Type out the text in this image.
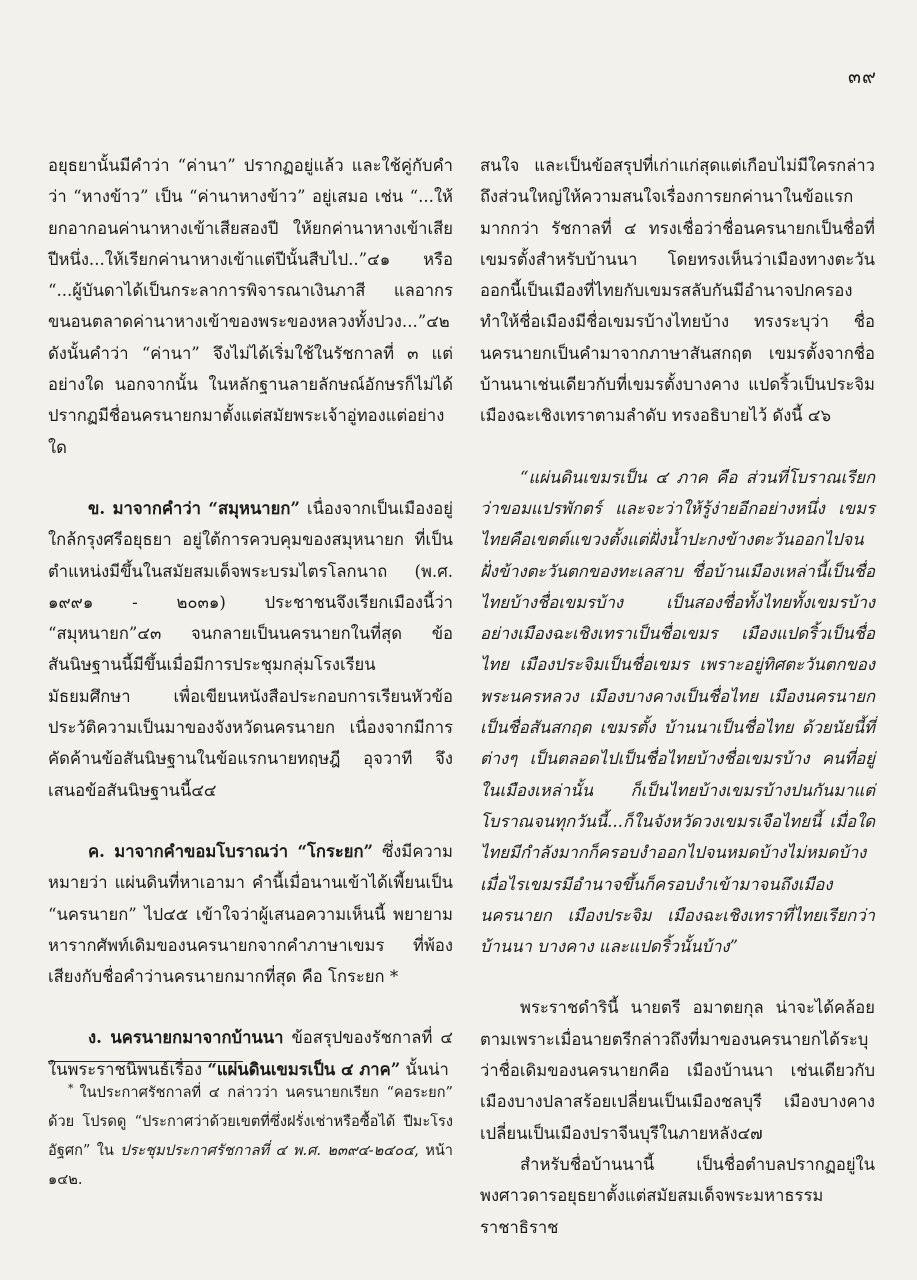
๓๙

อยุธยานั้นมีคำว่า “ค่านา” ปรากฏอยู่แล้ว และใช้คู่กับคำว่า “หางข้าว” เป็น “ค่านาหางข้าว” อยู่เสมอ เช่น “...ให้ยกอากอนค่านาหางเข้าเสียสองปี ให้ยกค่านาหางเข้าเสียปีหนึ่ง...ให้เรียกค่านาหางเข้าแต่ปีนั้นสืบไป..”๔๑ หรือ “...ผู้บันดาได้เป็นกระลาการพิจารณาเงินภาสี แลอากรขนอนตลาดค่านาหางเข้าของพระของหลวงทั้งปวง...”๔๒ ดังนั้นคำว่า “ค่านา” จึงไม่ได้เริ่มใช้ในรัชกาลที่ ๓ แต่อย่างใด นอกจากนั้น ในหลักฐานลายลักษณ์อักษรก็ไม่ได้ปรากฏมีชื่อนครนายกมาตั้งแต่สมัยพระเจ้าอู่ทองแต่อย่างใด

ข. มาจากคำว่า “สมุหนายก” เนื่องจากเป็นเมืองอยู่ใกล้กรุงศรีอยุธยา อยู่ใต้การควบคุมของสมุหนายก ที่เป็นตำแหน่งมีขึ้นในสมัยสมเด็จพระบรมไตรโลกนาถ (พ.ศ. ๑๙๙๑ - ๒๐๓๑) ประชาชนจึงเรียกเมืองนี้ว่า “สมุหนายก”๔๓ จนกลายเป็นนครนายกในที่สุด ข้อสันนิษฐานนี้มีขึ้นเมื่อมีการประชุมกลุ่มโรงเรียนมัธยมศึกษา เพื่อเขียนหนังสือประกอบการเรียนหัวข้อประวัติความเป็นมาของจังหวัดนครนายก เนื่องจากมีการคัดค้านข้อสันนิษฐานในข้อแรกนายทฤษฎี อุจวาที จึงเสนอข้อสันนิษฐานนี้๔๔

ค. มาจากคำขอมโบราณว่า “โกระยก” ซึ่งมีความหมายว่า แผ่นดินที่หาเอามา คำนี้เมื่อนานเข้าได้เพี้ยนเป็น “นครนายก” ไป๔๕ เข้าใจว่าผู้เสนอความเห็นนี้ พยายามหารากศัพท์เดิมของนครนายกจากคำภาษาเขมร ที่พ้องเสียงกับชื่อคำว่านครนายกมากที่สุด คือ โกระยก *

ง. นครนายกมาจากบ้านนา ข้อสรุปของรัชกาลที่ ๔ ในพระราชนิพนธ์เรื่อง “แผ่นดินเขมรเป็น ๔ ภาค” นั้นน่า

* ในประกาศรัชกาลที่ ๔ กล่าวว่า นครนายกเรียก “คอระยก” ด้วย โปรดดู “ประกาศว่าด้วยเขตที่ซึ่งฝรั่งเช่าหรือซื้อได้ ปีมะโรงอัฐศก” ใน ประชุมประกาศรัชกาลที่ ๔ พ.ศ. ๒๓๙๔-๒๔๐๔, หน้า ๑๔๒.

สนใจ และเป็นข้อสรุปที่เก่าแก่สุดแต่เกือบไม่มีใครกล่าวถึงส่วนใหญ่ให้ความสนใจเรื่องการยกค่านาในข้อแรกมากกว่า รัชกาลที่ ๔ ทรงเชื่อว่าชื่อนครนายกเป็นชื่อที่เขมรตั้งสำหรับบ้านนา โดยทรงเห็นว่าเมืองทางตะวันออกนี้เป็นเมืองที่ไทยกับเขมรสลับกันมีอำนาจปกครอง ทำให้ชื่อเมืองมีชื่อเขมรบ้างไทยบ้าง ทรงระบุว่า ชื่อนครนายกเป็นคำมาจากภาษาสันสกฤต เขมรตั้งจากชื่อบ้านนาเช่นเดียวกับที่เขมรตั้งบางคาง แปดริ้วเป็นประจิม เมืองฉะเชิงเทราตามลำดับ ทรงอธิบายไว้ ดังนี้ ๔๖

“แผ่นดินเขมรเป็น ๔ ภาค คือ ส่วนที่โบราณเรียกว่าขอมแปรพักตร์ และจะว่าให้รู้ง่ายอีกอย่างหนึ่ง เขมรไทยคือเขตต์แขวงตั้งแต่ฝั่งน้ำปะกงข้างตะวันออกไปจนฝั่งข้างตะวันตกของทะเลสาบ ชื่อบ้านเมืองเหล่านี้เป็นชื่อไทยบ้างชื่อเขมรบ้าง เป็นสองชื่อทั้งไทยทั้งเขมรบ้าง อย่างเมืองฉะเชิงเทราเป็นชื่อเขมร เมืองแปดริ้วเป็นชื่อไทย เมืองประจิมเป็นชื่อเขมร เพราะอยู่ทิศตะวันตกของพระนครหลวง เมืองบางคางเป็นชื่อไทย เมืองนครนายกเป็นชื่อสันสกฤต เขมรตั้ง บ้านนาเป็นชื่อไทย ด้วยนัยนี้ที่ต่างๆ เป็นตลอดไปเป็นชื่อไทยบ้างชื่อเขมรบ้าง คนที่อยู่ในเมืองเหล่านั้น ก็เป็นไทยบ้างเขมรบ้างปนกันมาแต่โบราณจนทุกวันนี้...ก็ในจังหวัดวงเขมรเจือไทยนี้ เมื่อใดไทยมีกำลังมากก็ครอบงำออกไปจนหมดบ้างไม่หมดบ้าง เมื่อไรเขมรมีอำนาจขึ้นก็ครอบงำเข้ามาจนถึงเมืองนครนายก เมืองประจิม เมืองฉะเชิงเทราที่ไทยเรียกว่าบ้านนา บางคาง และแปดริ้วนั้นบ้าง”

พระราชดำรินี้ นายตรี อมาตยกุล น่าจะได้คล้อยตามเพราะเมื่อนายตรีกล่าวถึงที่มาของนครนายกได้ระบุว่าชื่อเดิมของนครนายกคือ เมืองบ้านนา เช่นเดียวกับเมืองบางปลาสร้อยเปลี่ยนเป็นเมืองชลบุรี เมืองบางคางเปลี่ยนเป็นเมืองปราจีนบุรีในภายหลัง๔๗

สำหรับชื่อบ้านนานี้ เป็นชื่อตำบลปรากฏอยู่ในพงศาวดารอยุธยาตั้งแต่สมัยสมเด็จพระมหาธรรมราชาธิราช
